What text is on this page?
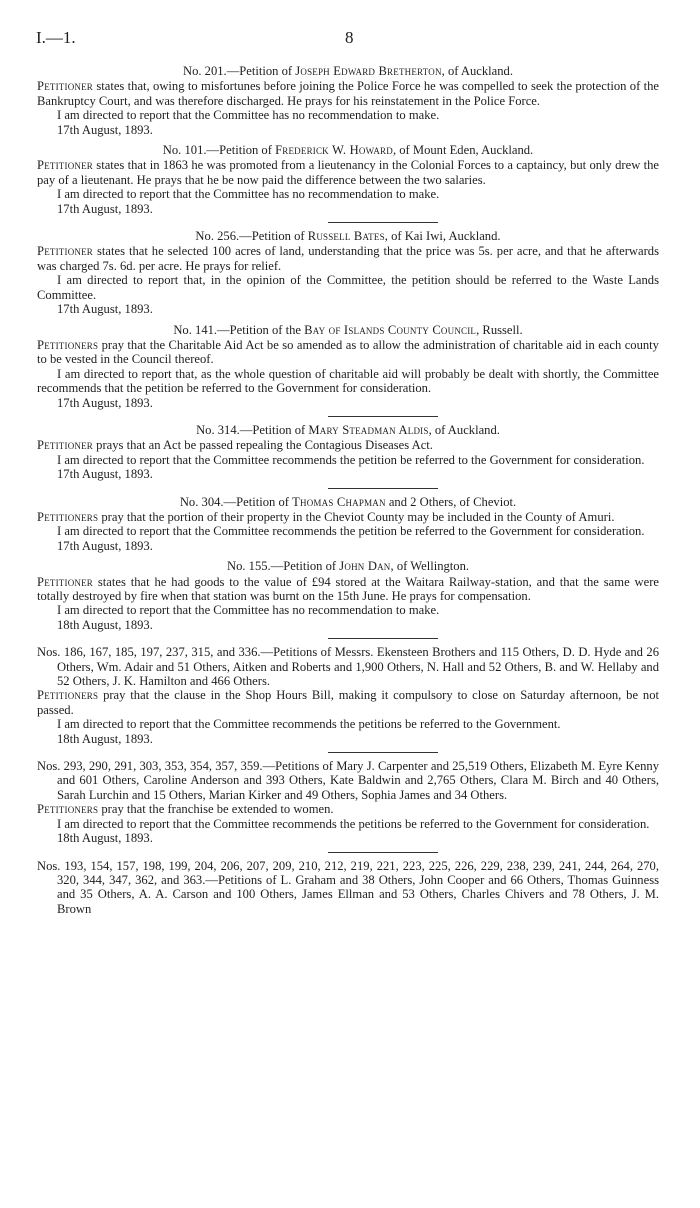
I.—1.	8
No. 201.—Petition of Joseph Edward Bretherton, of Auckland.

Petitioner states that, owing to misfortunes before joining the Police Force he was compelled to seek the protection of the Bankruptcy Court, and was therefore discharged. He prays for his reinstatement in the Police Force.

I am directed to report that the Committee has no recommendation to make.

17th August, 1893.
No. 101.—Petition of Frederick W. Howard, of Mount Eden, Auckland.

Petitioner states that in 1863 he was promoted from a lieutenancy in the Colonial Forces to a captaincy, but only drew the pay of a lieutenant. He prays that he be now paid the difference between the two salaries.

I am directed to report that the Committee has no recommendation to make.

17th August, 1893.
No. 256.—Petition of Russell Bates, of Kai Iwi, Auckland.

Petitioner states that he selected 100 acres of land, understanding that the price was 5s. per acre, and that he afterwards was charged 7s. 6d. per acre. He prays for relief.

I am directed to report that, in the opinion of the Committee, the petition should be referred to the Waste Lands Committee.

17th August, 1893.
No. 141.—Petition of the Bay of Islands County Council, Russell.

Petitioners pray that the Charitable Aid Act be so amended as to allow the administration of charitable aid in each county to be vested in the Council thereof.

I am directed to report that, as the whole question of charitable aid will probably be dealt with shortly, the Committee recommends that the petition be referred to the Government for consideration.

17th August, 1893.
No. 314.—Petition of Mary Steadman Aldis, of Auckland.

Petitioner prays that an Act be passed repealing the Contagious Diseases Act.

I am directed to report that the Committee recommends the petition be referred to the Government for consideration.

17th August, 1893.
No. 304.—Petition of Thomas Chapman and 2 Others, of Cheviot.

Petitioners pray that the portion of their property in the Cheviot County may be included in the County of Amuri.

I am directed to report that the Committee recommends the petition be referred to the Government for consideration.

17th August, 1893.
No. 155.—Petition of John Dan, of Wellington.

Petitioner states that he had goods to the value of £94 stored at the Waitara Railway-station, and that the same were totally destroyed by fire when that station was burnt on the 15th June. He prays for compensation.

I am directed to report that the Committee has no recommendation to make.

18th August, 1893.

Nos. 186, 167, 185, 197, 237, 315, and 336.—Petitions of Messrs. Ekensteen Brothers and 115 Others, D. D. Hyde and 26 Others, Wm. Adair and 51 Others, Aitken and Roberts and 1,900 Others, N. Hall and 52 Others, B. and W. Hellaby and 52 Others, J. K. Hamilton and 466 Others.

Petitioners pray that the clause in the Shop Hours Bill, making it compulsory to close on Saturday afternoon, be not passed.

I am directed to report that the Committee recommends the petitions be referred to the Government.

18th August, 1893.

Nos. 293, 290, 291, 303, 353, 354, 357, 359.—Petitions of Mary J. Carpenter and 25,519 Others, Elizabeth M. Eyre Kenny and 601 Others, Caroline Anderson and 393 Others, Kate Baldwin and 2,765 Others, Clara M. Birch and 40 Others, Sarah Lurchin and 15 Others, Marian Kirker and 49 Others, Sophia James and 34 Others.

Petitioners pray that the franchise be extended to women.

I am directed to report that the Committee recommends the petitions be referred to the Government for consideration.

18th August, 1893.

Nos. 193, 154, 157, 198, 199, 204, 206, 207, 209, 210, 212, 219, 221, 223, 225, 226, 229, 238, 239, 241, 244, 264, 270, 320, 344, 347, 362, and 363.—Petitions of L. Graham and 38 Others, John Cooper and 66 Others, Thomas Guinness and 35 Others, A. A. Carson and 100 Others, James Ellman and 53 Others, Charles Chivers and 78 Others, J. M. Brown
